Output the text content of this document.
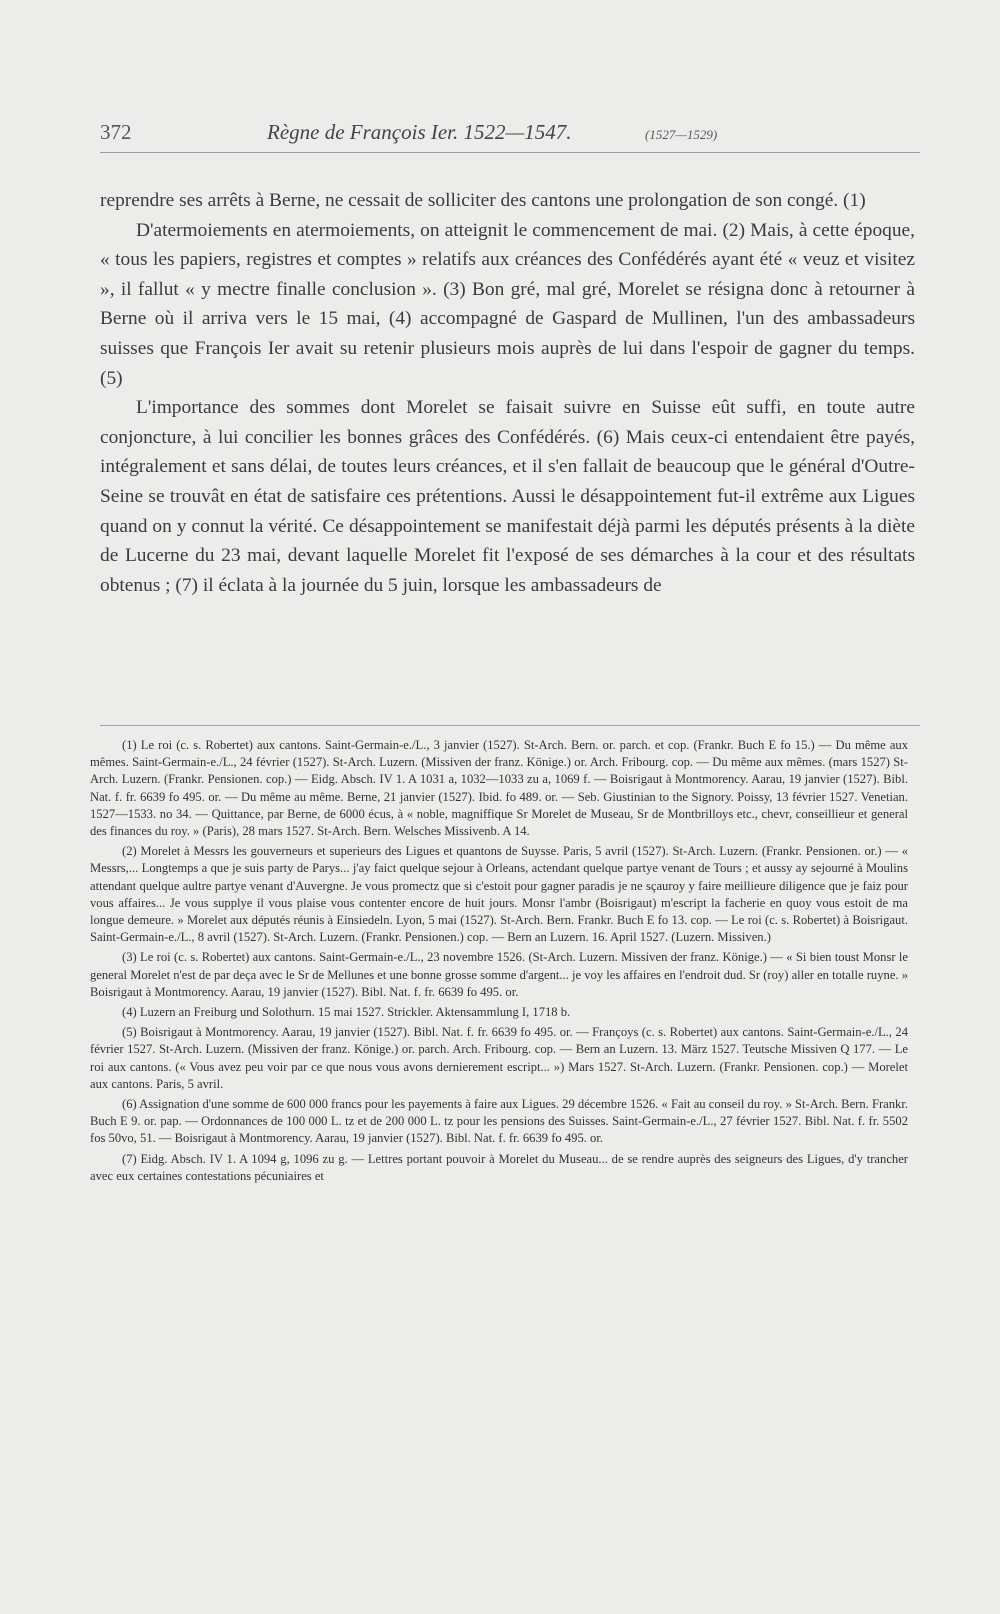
372	Règne de François Ier. 1522—1547.	(1527—1529)

reprendre ses arrêts à Berne, ne cessait de solliciter des cantons une prolongation de son congé. (1)

D'atermoiements en atermoiements, on atteignit le commencement de mai. (2) Mais, à cette époque, « tous les papiers, registres et comptes » relatifs aux créances des Confédérés ayant été « veuz et visitez », il fallut « y mectre finalle conclusion ». (3) Bon gré, mal gré, Morelet se résigna donc à retourner à Berne où il arriva vers le 15 mai, (4) accompagné de Gaspard de Mullinen, l'un des ambassadeurs suisses que François Ier avait su retenir plusieurs mois auprès de lui dans l'espoir de gagner du temps. (5)

L'importance des sommes dont Morelet se faisait suivre en Suisse eût suffi, en toute autre conjoncture, à lui concilier les bonnes grâces des Confédérés. (6) Mais ceux-ci entendaient être payés, intégralement et sans délai, de toutes leurs créances, et il s'en fallait de beaucoup que le général d'Outre-Seine se trouvât en état de satisfaire ces prétentions. Aussi le désappointement fut-il extrême aux Ligues quand on y connut la vérité. Ce désappointement se manifestait déjà parmi les députés présents à la diète de Lucerne du 23 mai, devant laquelle Morelet fit l'exposé de ses démarches à la cour et des résultats obtenus ; (7) il éclata à la journée du 5 juin, lorsque les ambassadeurs de

(1) Le roi (c. s. Robertet) aux cantons. Saint-Germain-e./L., 3 janvier (1527). St-Arch. Bern. or. parch. et cop. (Frankr. Buch E fo 15.) — Du même aux mêmes. Saint-Germain-e./L., 24 février (1527). St-Arch. Luzern. (Missiven der franz. Könige.) or. Arch. Fribourg. cop. — Du même aux mêmes. (mars 1527) St-Arch. Luzern. (Frankr. Pensionen. cop.) — Eidg. Absch. IV 1. A 1031 a, 1032—1033 zu a, 1069 f. — Boisrigaut à Montmorency. Aarau, 19 janvier (1527). Bibl. Nat. f. fr. 6639 fo 495. or. — Du même au même. Berne, 21 janvier (1527). Ibid. fo 489. or. — Seb. Giustinian to the Signory. Poissy, 13 février 1527. Venetian. 1527—1533. no 34. — Quittance, par Berne, de 6000 écus, à « noble, magniffique Sr Morelet de Museau, Sr de Montbrilloys etc., chevr, conseillieur et general des finances du roy. » (Paris), 28 mars 1527. St-Arch. Bern. Welsches Missivenb. A 14.

(2) Morelet à Messrs les gouverneurs et superieurs des Ligues et quantons de Suysse. Paris, 5 avril (1527). St-Arch. Luzern. (Frankr. Pensionen. or.) — « Messrs,... Longtemps a que je suis party de Parys... j'ay faict quelque sejour à Orleans, actendant quelque partye venant de Tours ; et aussy ay sejourné à Moulins attendant quelque aultre partye venant d'Auvergne. Je vous promectz que si c'estoit pour gagner paradis je ne sçauroy y faire meillieure diligence que je faiz pour vous affaires... Je vous supplye il vous plaise vous contenter encore de huit jours. Monsr l'ambr (Boisrigaut) m'escript la facherie en quoy vous estoit de ma longue demeure. » Morelet aux députés réunis à Einsiedeln. Lyon, 5 mai (1527). St-Arch. Bern. Frankr. Buch E fo 13. cop. — Le roi (c. s. Robertet) à Boisrigaut. Saint-Germain-e./L., 8 avril (1527). St-Arch. Luzern. (Frankr. Pensionen.) cop. — Bern an Luzern. 16. April 1527. (Luzern. Missiven.)

(3) Le roi (c. s. Robertet) aux cantons. Saint-Germain-e./L., 23 novembre 1526. (St-Arch. Luzern. Missiven der franz. Könige.) — « Si bien toust Monsr le general Morelet n'est de par deça avec le Sr de Mellunes et une bonne grosse somme d'argent... je voy les affaires en l'endroit dud. Sr (roy) aller en totalle ruyne. » Boisrigaut à Montmorency. Aarau, 19 janvier (1527). Bibl. Nat. f. fr. 6639 fo 495. or.

(4) Luzern an Freiburg und Solothurn. 15 mai 1527. Strickler. Aktensammlung I, 1718 b.

(5) Boisrigaut à Montmorency. Aarau, 19 janvier (1527). Bibl. Nat. f. fr. 6639 fo 495. or. — Françoys (c. s. Robertet) aux cantons. Saint-Germain-e./L., 24 février 1527. St-Arch. Luzern. (Missiven der franz. Könige.) or. parch. Arch. Fribourg. cop. — Bern an Luzern. 13. März 1527. Teutsche Missiven Q 177. — Le roi aux cantons. (« Vous avez peu voir par ce que nous vous avons dernierement escript... ») Mars 1527. St-Arch. Luzern. (Frankr. Pensionen. cop.) — Morelet aux cantons. Paris, 5 avril.

(6) Assignation d'une somme de 600 000 francs pour les payements à faire aux Ligues. 29 décembre 1526. « Fait au conseil du roy. » St-Arch. Bern. Frankr. Buch E 9. or. pap. — Ordonnances de 100 000 L. tz et de 200 000 L. tz pour les pensions des Suisses. Saint-Germain-e./L., 27 février 1527. Bibl. Nat. f. fr. 5502 fos 50vo, 51. — Boisrigaut à Montmorency. Aarau, 19 janvier (1527). Bibl. Nat. f. fr. 6639 fo 495. or.

(7) Eidg. Absch. IV 1. A 1094 g, 1096 zu g. — Lettres portant pouvoir à Morelet du Museau... de se rendre auprès des seigneurs des Ligues, d'y trancher avec eux certaines contestations pécuniaires et
